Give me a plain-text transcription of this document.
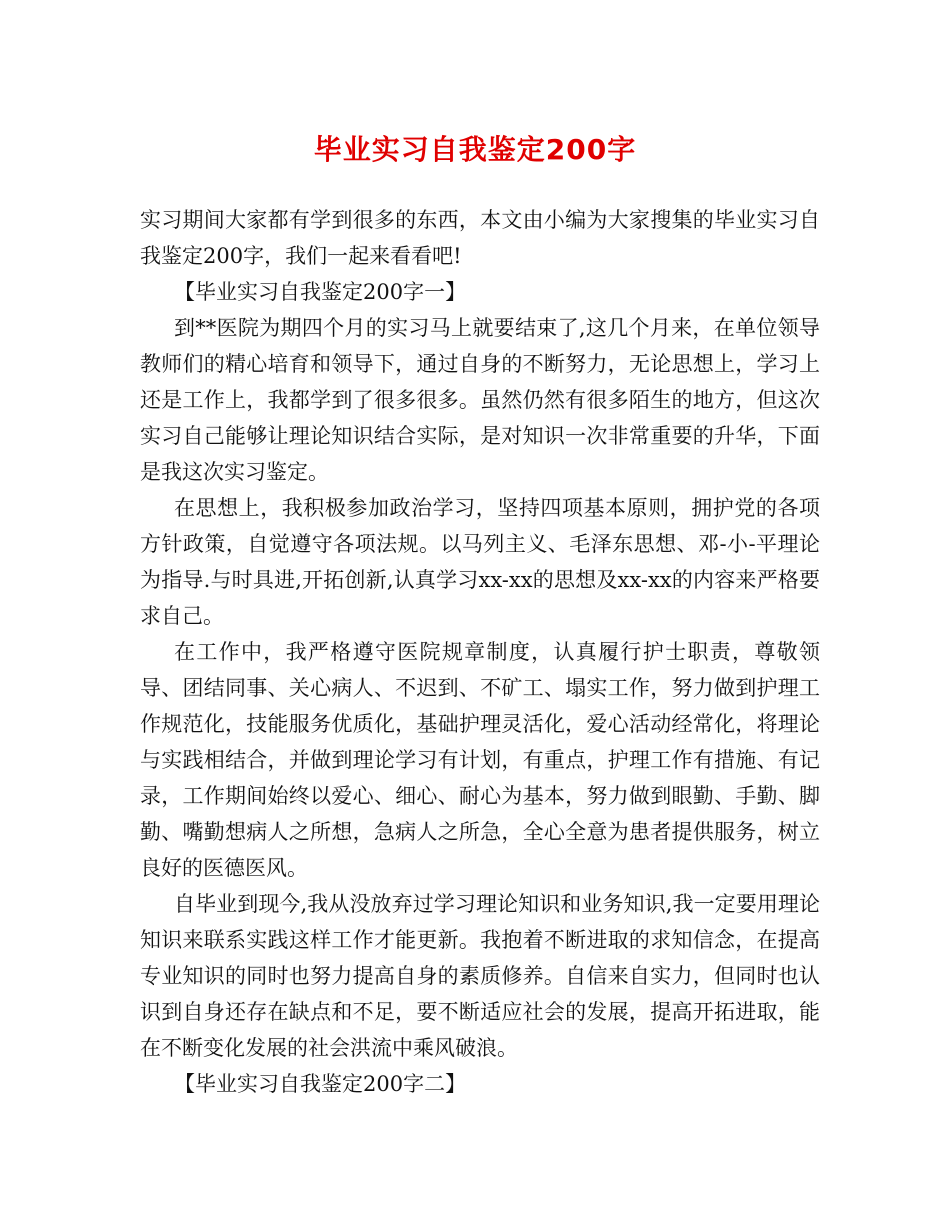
毕业实习自我鉴定200字

实习期间大家都有学到很多的东西，本文由小编为大家搜集的毕业实习自我鉴定200字，我们一起来看看吧!

【毕业实习自我鉴定200字一】

到**医院为期四个月的实习马上就要结束了,这几个月来，在单位领导教师们的精心培育和领导下，通过自身的不断努力，无论思想上，学习上还是工作上，我都学到了很多很多。虽然仍然有很多陌生的地方，但这次实习自己能够让理论知识结合实际，是对知识一次非常重要的升华，下面是我这次实习鉴定。

在思想上，我积极参加政治学习，坚持四项基本原则，拥护党的各项方针政策，自觉遵守各项法规。以马列主义、毛泽东思想、邓-小-平理论为指导.与时具进,开拓创新,认真学习xx-xx的思想及xx-xx的内容来严格要求自己。

在工作中，我严格遵守医院规章制度，认真履行护士职责，尊敬领导、团结同事、关心病人、不迟到、不矿工、塌实工作，努力做到护理工作规范化，技能服务优质化，基础护理灵活化，爱心活动经常化，将理论与实践相结合，并做到理论学习有计划，有重点，护理工作有措施、有记录，工作期间始终以爱心、细心、耐心为基本，努力做到眼勤、手勤、脚勤、嘴勤想病人之所想，急病人之所急，全心全意为患者提供服务，树立良好的医德医风。

自毕业到现今,我从没放弃过学习理论知识和业务知识,我一定要用理论知识来联系实践这样工作才能更新。我抱着不断进取的求知信念，在提高专业知识的同时也努力提高自身的素质修养。自信来自实力，但同时也认识到自身还存在缺点和不足，要不断适应社会的发展，提高开拓进取，能在不断变化发展的社会洪流中乘风破浪。

【毕业实习自我鉴定200字二】
